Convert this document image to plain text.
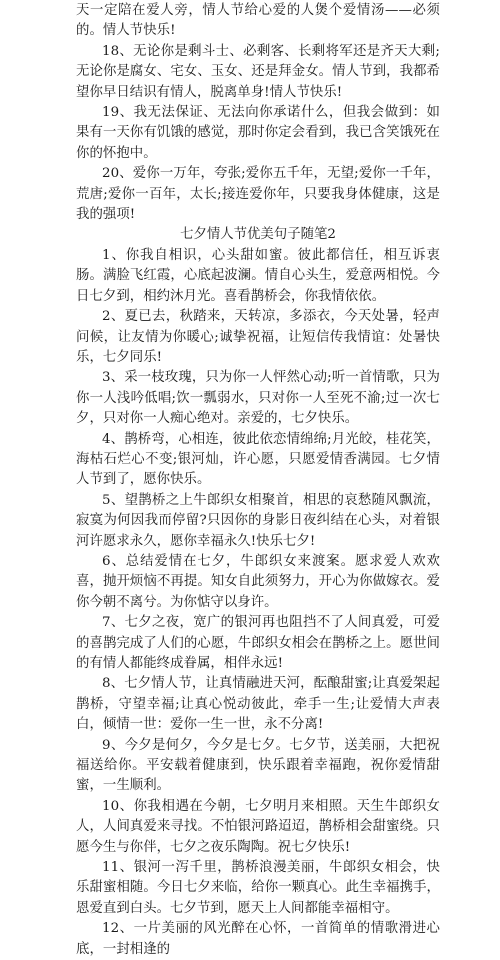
天一定陪在爱人旁，情人节给心爱的人煲个爱情汤——必须的。情人节快乐!

18、无论你是剩斗士、必剩客、长剩将军还是齐天大剩;无论你是腐女、宅女、玉女、还是拜金女。情人节到，我都希望你早日结识有情人，脱离单身!情人节快乐!

19、我无法保证、无法向你承诺什么，但我会做到：如果有一天你有饥饿的感觉，那时你定会看到，我已含笑饿死在你的怀抱中。

20、爱你一万年，夸张;爱你五千年，无望;爱你一千年，荒唐;爱你一百年，太长;接连爱你年，只要我身体健康，这是我的强项!

七夕情人节优美句子随笔2

1、你我自相识，心头甜如蜜。彼此都信任，相互诉衷肠。满脸飞红霞，心底起波澜。情自心头生，爱意两相悦。今日七夕到，相约沐月光。喜看鹊桥会，你我情依依。

2、夏已去，秋踏来，天转凉，多添衣，今天处暑，轻声问候，让友情为你暖心;诚挚祝福，让短信传我情谊：处暑快乐，七夕同乐!

3、采一枝玫瑰，只为你一人怦然心动;听一首情歌，只为你一人浅吟低唱;饮一瓢弱水，只对你一人至死不渝;过一次七夕，只对你一人痴心绝对。亲爱的，七夕快乐。

4、鹊桥弯，心相连，彼此依恋情绵绵;月光皎，桂花笑，海枯石烂心不变;银河灿，许心愿，只愿爱情香满园。七夕情人节到了，愿你快乐。

5、望鹊桥之上牛郎织女相聚首，相思的哀愁随风飘流，寂寞为何因我而停留?只因你的身影日夜纠结在心头，对着银河许愿求永久，愿你幸福永久!快乐七夕!

6、总结爱情在七夕，牛郎织女来渡案。愿求爱人欢欢喜，抛开烦恼不再提。知女自此须努力，开心为你做嫁衣。爱你今朝不离兮。为你惦守以身许。

7、七夕之夜，宽广的银河再也阻挡不了人间真爱，可爱的喜鹊完成了人们的心愿，牛郎织女相会在鹊桥之上。愿世间的有情人都能终成眷属，相伴永远!

8、七夕情人节，让真情融进天河，酝酿甜蜜;让真爱架起鹊桥，守望幸福;让真心悦动彼此，牵手一生;让爱情大声表白，倾情一世：爱你一生一世，永不分离!

9、今夕是何夕，今夕是七夕。七夕节，送美丽，大把祝福送给你。平安载着健康到，快乐跟着幸福跑，祝你爱情甜蜜，一生顺利。

10、你我相遇在今朝，七夕明月来相照。天生牛郎织女人，人间真爱来寻找。不怕银河路迢迢，鹊桥相会甜蜜绕。只愿今生与你伴，七夕之夜乐陶陶。祝七夕快乐!

11、银河一泻千里，鹊桥浪漫美丽，牛郎织女相会，快乐甜蜜相随。今日七夕来临，给你一颗真心。此生幸福携手，恩爱直到白头。七夕节到，愿天上人间都能幸福相守。

12、一片美丽的风光醉在心怀，一首简单的情歌滑进心底，一封相逢的
